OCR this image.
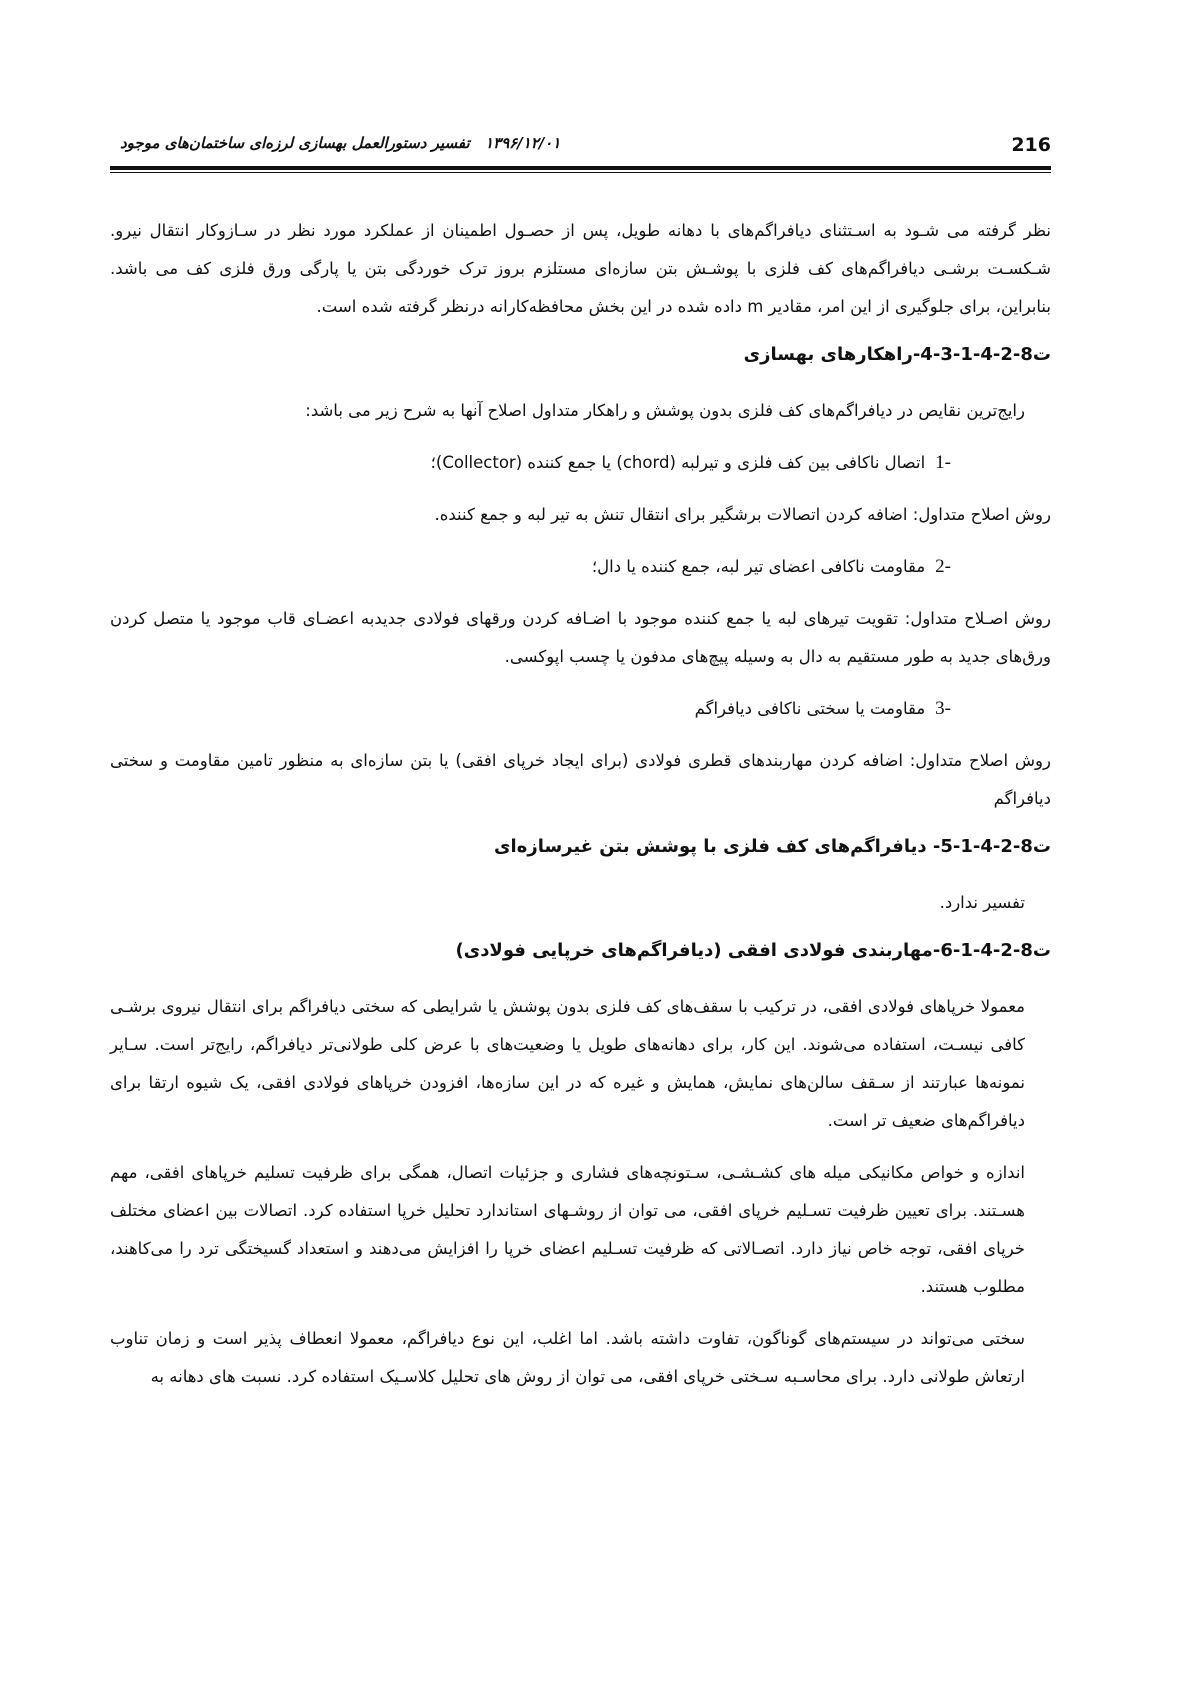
216
۱۳۹۶/۱۲/۰۱
تفسیر دستورالعمل بهسازی لرزه‌ای ساختمان‌های موجود

نظر گرفته می شـود به اسـتثنای دیافراگم‌های با دهانه طویل، پس از حصـول اطمینان از عملکرد مورد نظر در سـازوکار انتقال نیرو. شـکسـت برشـی دیافراگم‌های کف فلزی با پوشـش بتن سازه‌ای مستلزم بروز ترک خوردگی بتن یا پارگی ورق فلزی کف می باشد. بنابراین، برای جلوگیری از این امر، مقادیر m داده شده در این بخش محافظه‌کارانه درنظر گرفته شده است.

ت8-2-4-1-3-4-راهکارهای بهسازی

رایج‌ترین نقایص در دیافراگم‌های کف فلزی بدون پوشش و راهکار متداول اصلاح آنها به شرح زیر می باشد:

-1
اتصال ناکافی بین کف فلزی و تیرلبه (chord) یا جمع کننده (Collector)؛

روش اصلاح متداول: اضافه کردن اتصالات برشگیر برای انتقال تنش به تیر لبه و جمع کننده.

-2
مقاومت ناکافی اعضای تیر لبه، جمع کننده یا دال؛

روش اصـلاح متداول: تقویت تیرهای لبه یا جمع کننده موجود با اضـافه کردن ورقهای فولادی جدیدبه اعضـای قاب موجود یا متصل کردن ورق‌های جدید به طور مستقیم به دال به وسیله پیچ‌های مدفون یا چسب اپوکسی.

-3
مقاومت یا سختی ناکافی دیافراگم

روش اصلاح متداول: اضافه کردن مهاربندهای قطری فولادی (برای ایجاد خرپای افقی) یا بتن سازه‌ای به منظور تامین مقاومت و سختی دیافراگم

ت8-2-4-1-5- دیافراگم‌های کف فلزی با پوشش بتن غیرسازه‌ای

تفسیر ندارد.

ت8-2-4-1-6-مهاربندی فولادی افقی (دیافراگم‌های خرپایی فولادی)

معمولا خرپاهای فولادی افقی، در ترکیب با سقف‌های کف فلزی بدون پوشش یا شرایطی که سختی دیافراگم برای انتقال نیروی برشـی کافی نیسـت، استفاده می‌شوند. این کار، برای دهانه‌های طویل یا وضعیت‌های با عرض کلی طولانی‌تر دیافراگم، رایج‌تر است. سـایر نمونه‌ها عبارتند از سـقف سالن‌های نمایش، همایش و غیره که در این سازه‌ها، افزودن خرپاهای فولادی افقی، یک شیوه ارتقا برای دیافراگم‌های ضعیف تر است.

اندازه و خواص مکانیکی میله های کشـشـی، سـتونچه‌های فشاری و جزئیات اتصال، همگی برای ظرفیت تسلیم خرپاهای افقی، مهم هسـتند. برای تعیین ظرفیت تسـلیم خرپای افقی، می توان از روشـهای استاندارد تحلیل خرپا استفاده کرد. اتصالات بین اعضای مختلف خرپای افقی، توجه خاص نیاز دارد. اتصـالاتی که ظرفیت تسـلیم اعضای خرپا را افزایش می‌دهند و استعداد گسیختگی ترد را می‌کاهند، مطلوب هستند.

سختی می‌تواند در سیستم‌های گوناگون، تفاوت داشته باشد. اما اغلب، این نوع دیافراگم، معمولا انعطاف پذیر است و زمان تناوب ارتعاش طولانی دارد. برای محاسـبه سـختی خرپای افقی، می توان از روش های تحلیل کلاسـیک استفاده کرد. نسبت های دهانه به
